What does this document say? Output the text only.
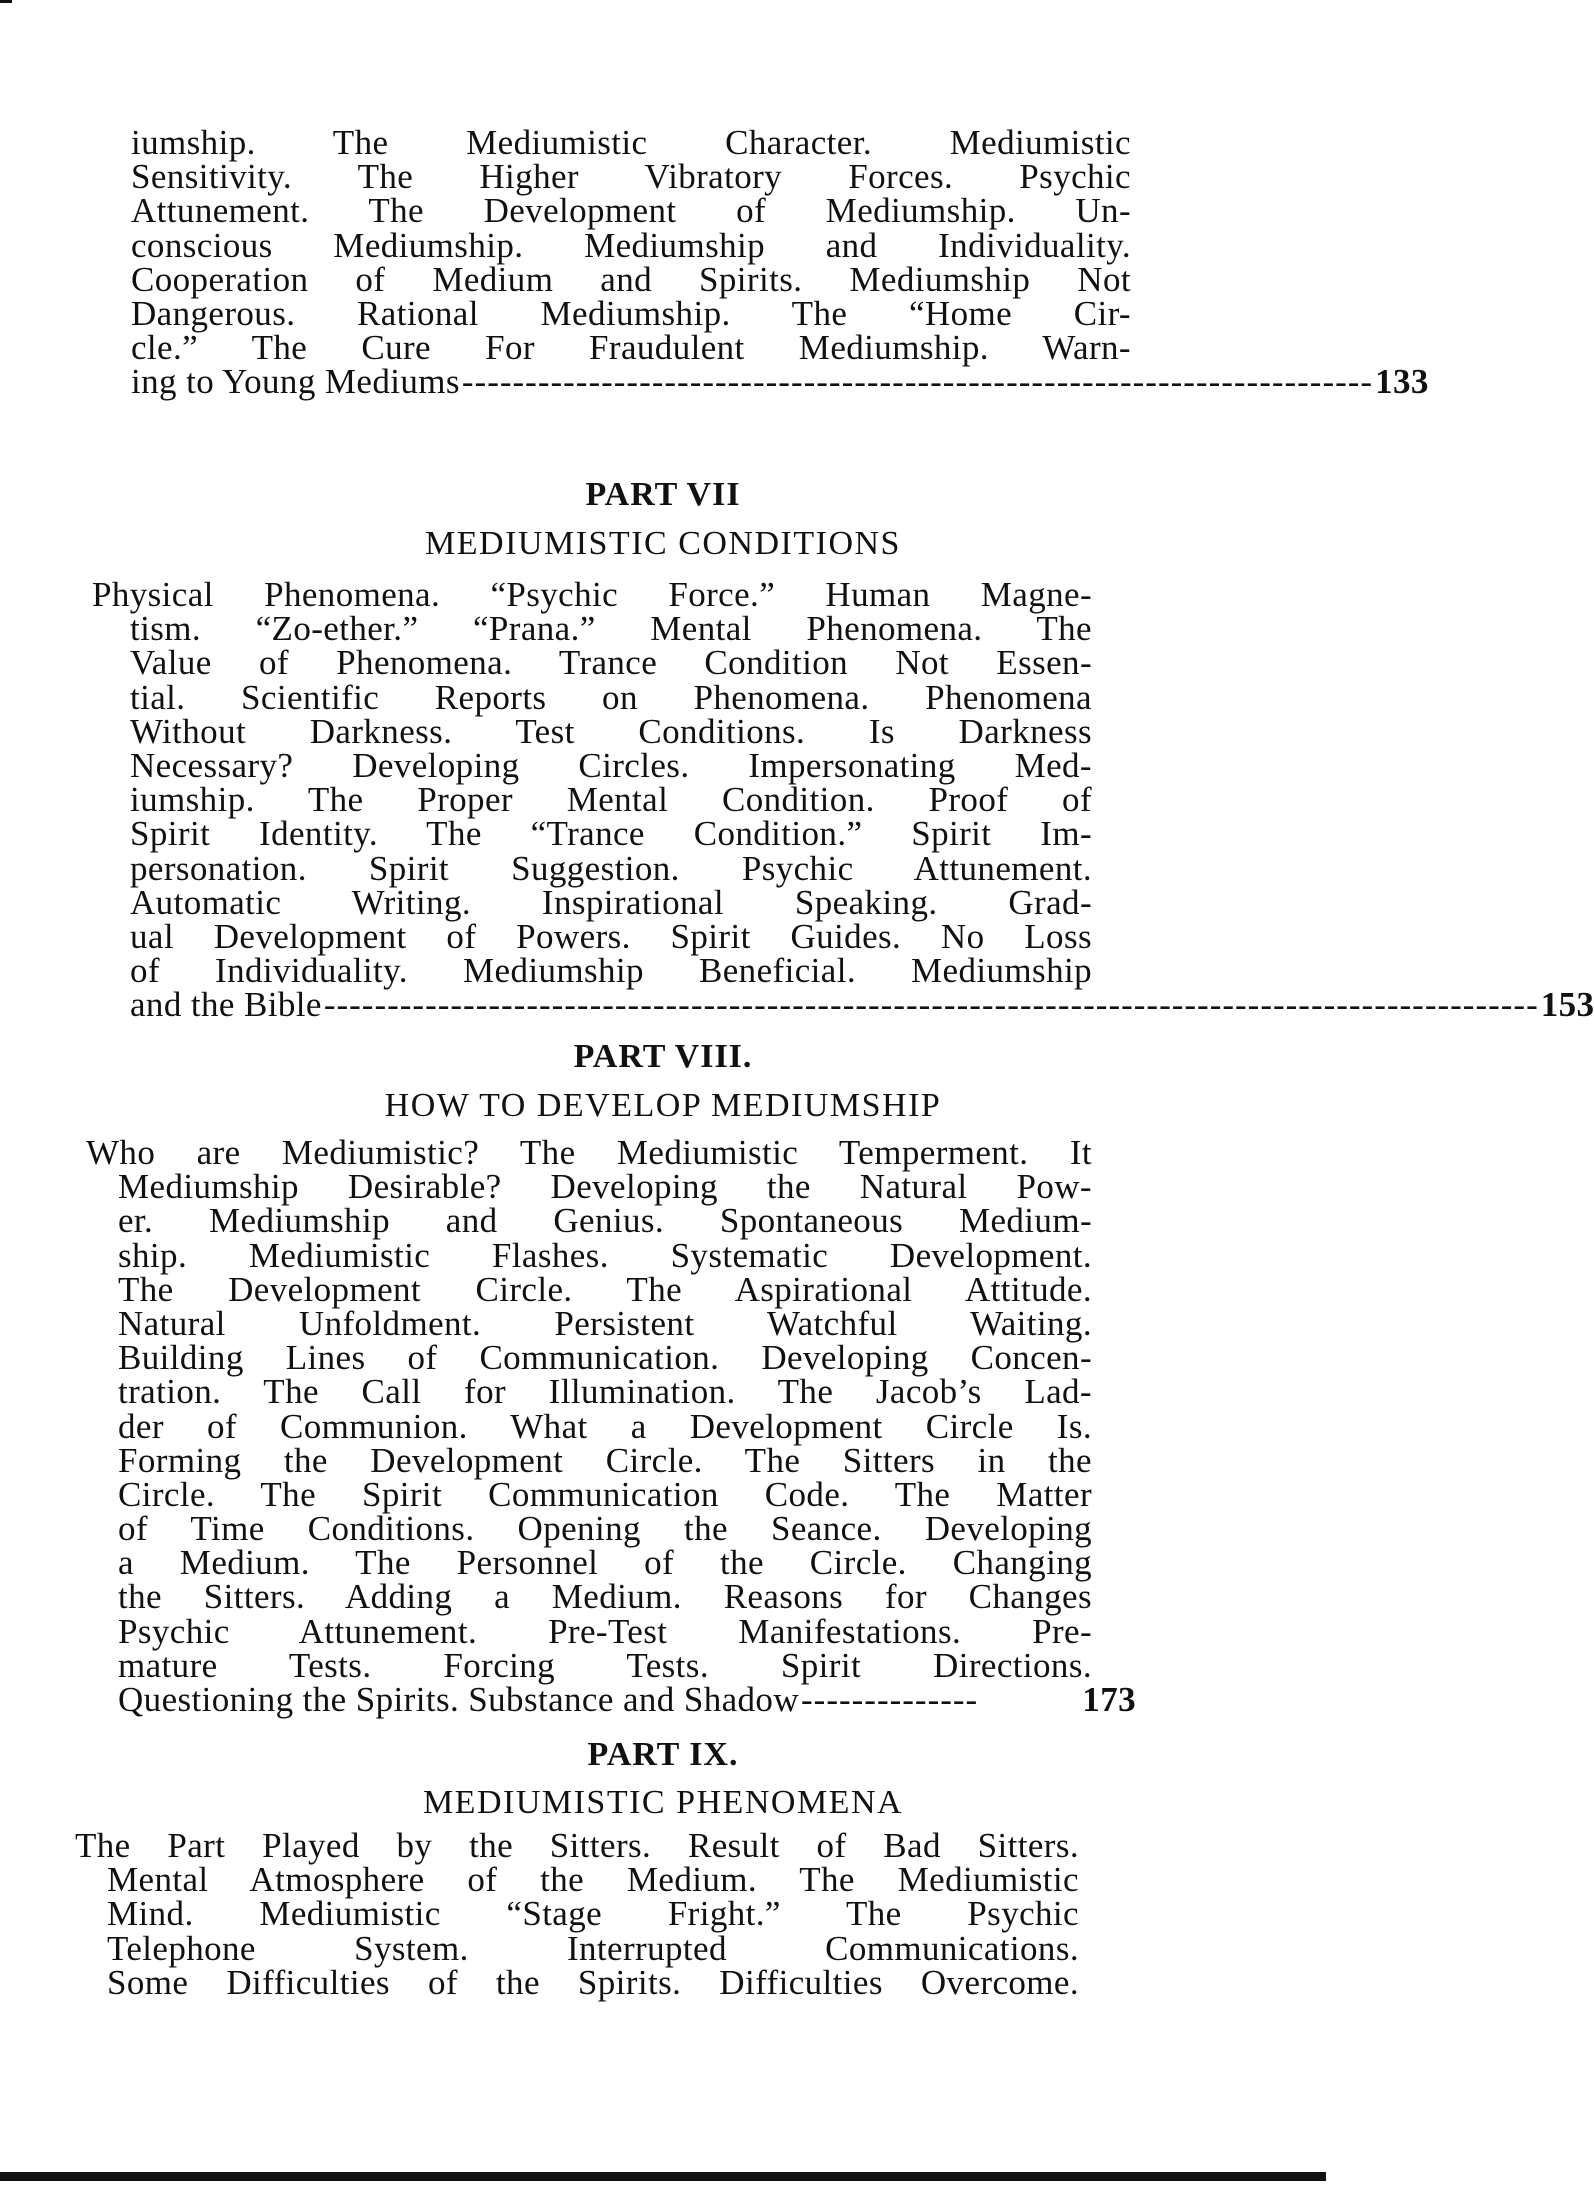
iumship. The Mediumistic Character. Mediumistic
Sensitivity. The Higher Vibratory Forces. Psychic
Attunement. The Development of Mediumship. Un-
conscious Mediumship. Mediumship and Individuality.
Cooperation of Medium and Spirits. Mediumship Not
Dangerous. Rational Mediumship. The “Home Cir-
cle.” The Cure For Fraudulent Mediumship. Warn-
ing to Young Mediums ------------------------------------------------------------------------ 133
PART VII
MEDIUMISTIC CONDITIONS
Physical Phenomena. “Psychic Force.” Human Magne-
tism. “Zo-ether.” “Prana.” Mental Phenomena. The
Value of Phenomena. Trance Condition Not Essen-
tial. Scientific Reports on Phenomena. Phenomena
Without Darkness. Test Conditions. Is Darkness
Necessary? Developing Circles. Impersonating Med-
iumship. The Proper Mental Condition. Proof of
Spirit Identity. The “Trance Condition.” Spirit Im-
personation. Spirit Suggestion. Psychic Attunement.
Automatic Writing. Inspirational Speaking. Grad-
ual Development of Powers. Spirit Guides. No Loss
of Individuality. Mediumship Beneficial. Mediumship
and the Bible ------------------------------------------------------------------------------------------------ 153
PART VIII.
HOW TO DEVELOP MEDIUMSHIP
Who are Mediumistic? The Mediumistic Temperment. It
Mediumship Desirable? Developing the Natural Pow-
er. Mediumship and Genius. Spontaneous Medium-
ship. Mediumistic Flashes. Systematic Development.
The Development Circle. The Aspirational Attitude.
Natural Unfoldment. Persistent Watchful Waiting.
Building Lines of Communication. Developing Concen-
tration. The Call for Illumination. The Jacob’s Lad-
der of Communion. What a Development Circle Is.
Forming the Development Circle. The Sitters in the
Circle. The Spirit Communication Code. The Matter
of Time Conditions. Opening the Seance. Developing
a Medium. The Personnel of the Circle. Changing
the Sitters. Adding a Medium. Reasons for Changes
Psychic Attunement. Pre-Test Manifestations. Pre-
mature Tests. Forcing Tests. Spirit Directions.
Questioning the Spirits. Substance and Shadow --------------	173
PART IX.
MEDIUMISTIC PHENOMENA
The Part Played by the Sitters. Result of Bad Sitters.
Mental Atmosphere of the Medium. The Mediumistic
Mind. Mediumistic “Stage Fright.” The Psychic
Telephone System. Interrupted Communications.
Some Difficulties of the Spirits. Difficulties Overcome.
